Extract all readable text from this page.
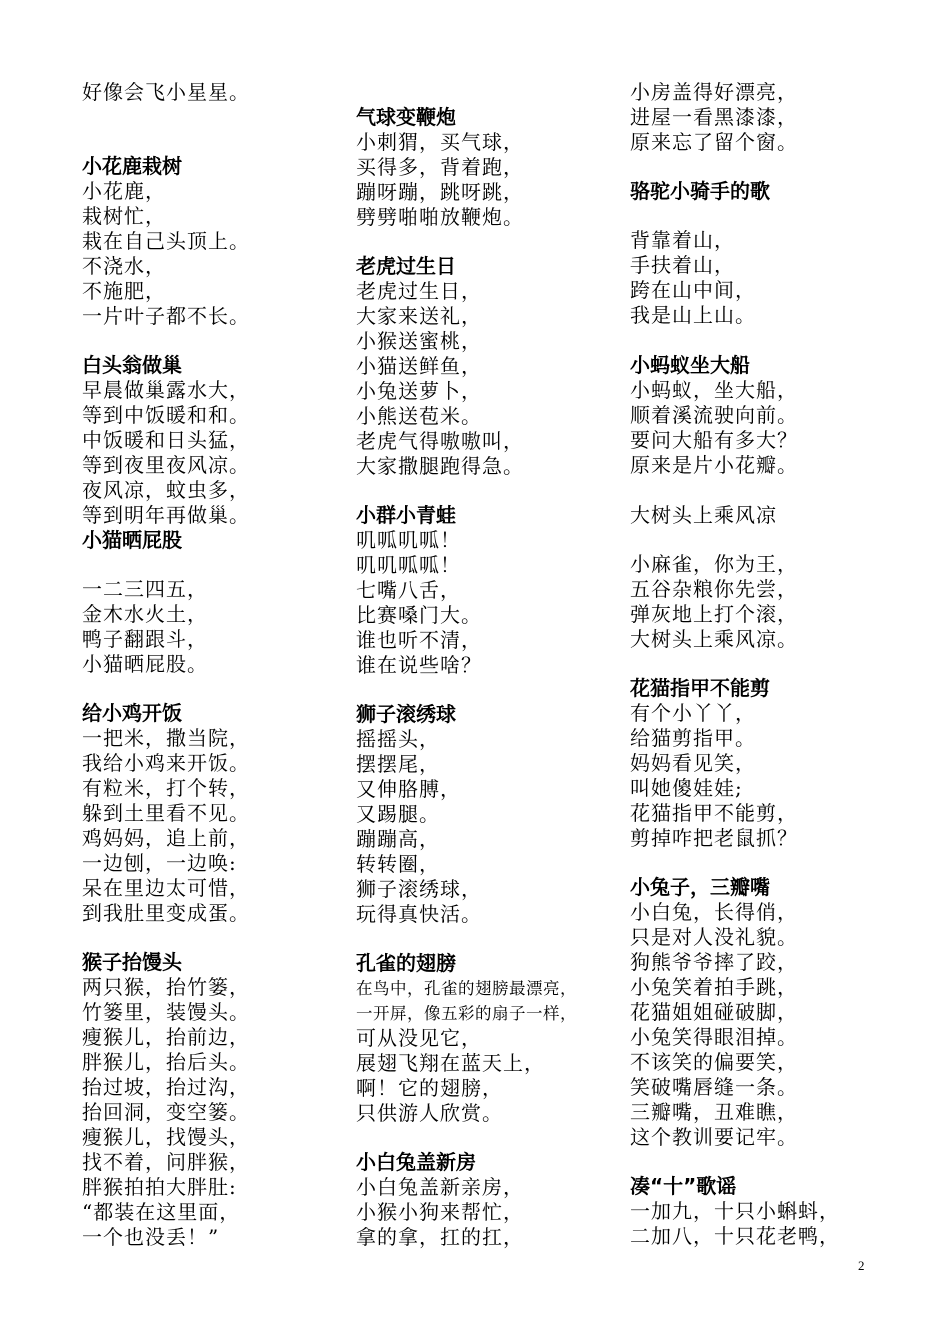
好像会飞小星星。
小花鹿栽树
小花鹿，
栽树忙，
栽在自己头顶上。
不浇水，
不施肥，
一片叶子都不长。
白头翁做巢
早晨做巢露水大，
等到中饭暖和和。
中饭暖和日头猛，
等到夜里夜风凉。
夜风凉，蚊虫多，
等到明年再做巢。
小猫晒屁股
一二三四五，
金木水火土，
鸭子翻跟斗，
小猫晒屁股。
给小鸡开饭
一把米，撒当院，
我给小鸡来开饭。
有粒米，打个转，
躲到土里看不见。
鸡妈妈，追上前，
一边刨，一边唤:
呆在里边太可惜，
到我肚里变成蛋。
猴子抬馒头
两只猴，抬竹篓，
竹篓里，装馒头。
瘦猴儿，抬前边，
胖猴儿，抬后头。
抬过坡，抬过沟，
抬回洞，变空篓。
瘦猴儿，找馒头，
找不着，问胖猴，
胖猴拍拍大胖肚:
“都装在这里面，
一个也没丢！”
气球变鞭炮
小刺猬，买气球，
买得多，背着跑，
蹦呀蹦，跳呀跳，
劈劈啪啪放鞭炮。
老虎过生日
老虎过生日，
大家来送礼，
小猴送蜜桃，
小猫送鲜鱼，
小兔送萝卜，
小熊送苞米。
老虎气得嗷嗷叫，
大家撒腿跑得急。
小群小青蛙
叽呱叽呱！
叽叽呱呱！
七嘴八舌，
比赛嗓门大。
谁也听不清，
谁在说些啥？
狮子滚绣球
摇摇头，
摆摆尾，
又伸胳膊，
又踢腿。
蹦蹦高，
转转圈，
狮子滚绣球，
玩得真快活。
孔雀的翅膀
在鸟中，孔雀的翅膀最漂亮，
一开屏，像五彩的扇子一样，
可从没见它，
展翅飞翔在蓝天上，
啊！它的翅膀，
只供游人欣赏。
小白兔盖新房
小白兔盖新亲房，
小猴小狗来帮忙，
拿的拿，扛的扛，
小房盖得好漂亮，
进屋一看黑漆漆，
原来忘了留个窗。
骆驼小骑手的歌
背靠着山，
手扶着山，
跨在山中间，
我是山上山。
小蚂蚁坐大船
小蚂蚁，坐大船，
顺着溪流驶向前。
要问大船有多大？
原来是片小花瓣。
大树头上乘风凉
小麻雀，你为王，
五谷杂粮你先尝，
弹灰地上打个滚，
大树头上乘风凉。
花猫指甲不能剪
有个小丫丫，
给猫剪指甲。
妈妈看见笑，
叫她傻娃娃;
花猫指甲不能剪，
剪掉咋把老鼠抓？
小兔子，三瓣嘴
小白兔，长得俏，
只是对人没礼貌。
狗熊爷爷摔了跤，
小兔笑着拍手跳，
花猫姐姐碰破脚，
小兔笑得眼泪掉。
不该笑的偏要笑，
笑破嘴唇缝一条。
三瓣嘴，丑难瞧，
这个教训要记牢。
凑“十”歌谣
一加九，十只小蝌蚪，
二加八，十只花老鸭，
2
